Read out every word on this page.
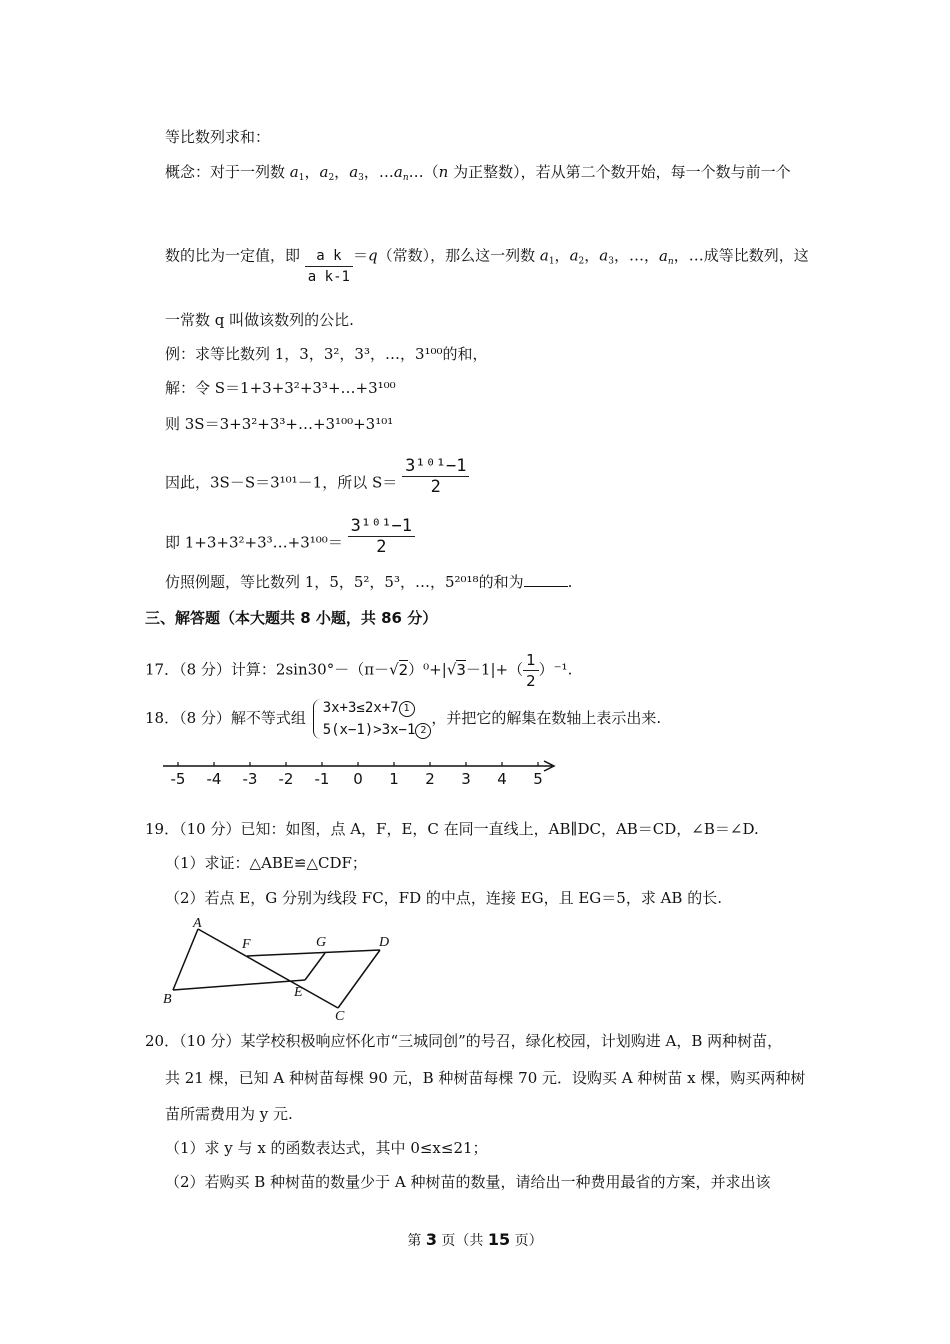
等比数列求和：
概念：对于一列数 $a_1$，$a_2$，$a_3$，$\dots a_n\dots(n$ 为正整数），若从第二个数开始，每一个数与前一个
数的比为一定值，即 $\frac{\text{a k}}{\text{a k-1}} =q$（常数），那么这一列数 $a_1$，$a_2$，$a_3$，…，$a_n$，…成等比数列，这
一常数 q 叫做该数列的公比.
例：求等比数列 1，3，3²，3³，…，3¹⁰⁰的和，
解：令 S＝1+3+3²+3³+…+3¹⁰⁰
则 3S＝3+3²+3³+…+3¹⁰⁰+3¹⁰¹
因此，3S－S＝3¹⁰¹－1，所以 $S= \frac{\text{3¹⁰¹−1}}{2}$
即 1+3+3²+3³…+3¹⁰⁰＝ $\frac{\text{3¹⁰¹−1}}{2}$
仿照例题，等比数列 1，5，5²，5³，…，5²⁰¹⁸的和为	.
三、解答题（本大题共 8 小题，共 86 分）
17．（8 分）计算：$2\sin 30^\circ-(\pi-√2)^0+|√3-1|+( \frac{1}{2} )^{-1}$.
18．（8 分）解不等式组
3x+3≤2x+7 1
5(x−1)>3x−1 2
，并把它的解集在数轴上表示出来.
-5 -4 -3 -2 -1 0 1 2 3 4 5
19．（10 分）已知：如图，点 A，F，E，C 在同一直线上，AB∥DC，AB＝CD，∠B＝∠D.
（1）求证：△ABE≌△CDF；
（2）若点 E，G 分别为线段 FC，FD 的中点，连接 EG，且 EG＝5，求 AB 的长.
A
F	G	D
B	E
C
20．（10 分）某学校积极响应怀化市“三城同创”的号召，绿化校园，计划购进 A，B 两种树苗，
共 21 棵，已知 A 种树苗每棵 90 元，B 种树苗每棵 70 元．设购买 A 种树苗 x 棵，购买两种树
苗所需费用为 y 元.
（1）求 y 与 x 的函数表达式，其中 0≤x≤21；
（2）若购买 B 种树苗的数量少于 A 种树苗的数量，请给出一种费用最省的方案，并求出该
第 3 页（共 15 页）
